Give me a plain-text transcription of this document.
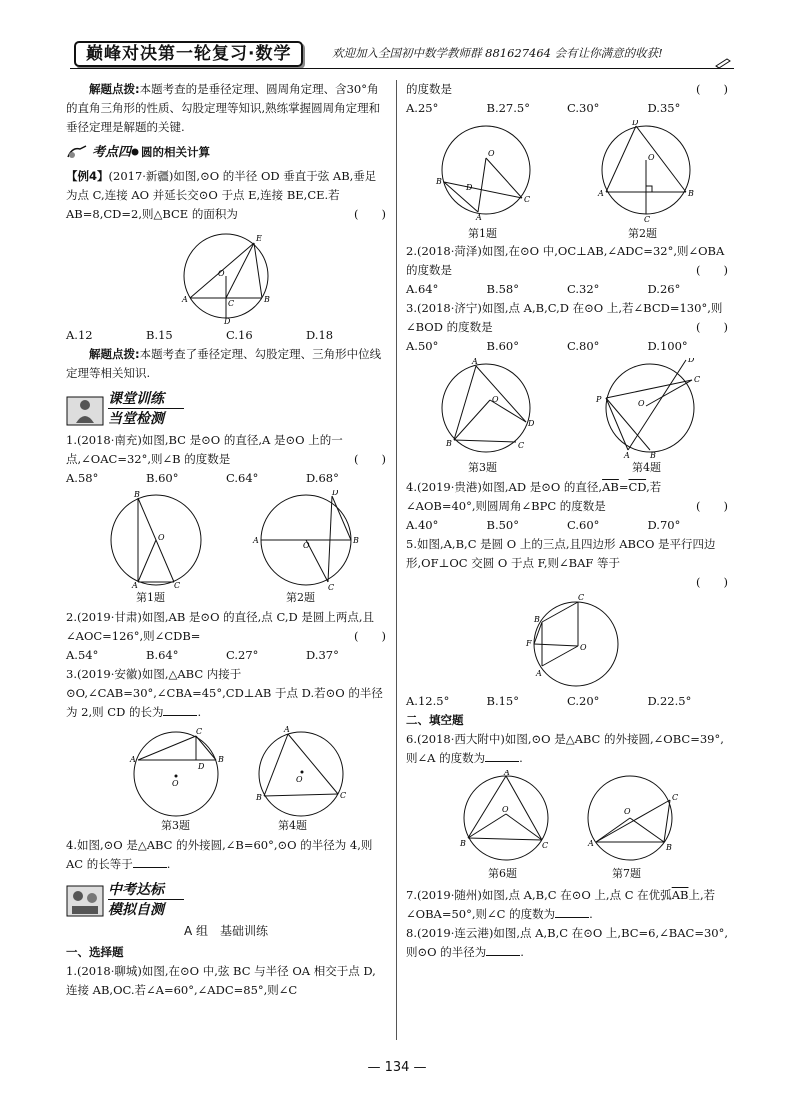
巅峰对决第一轮复习·数学	欢迎加入全国初中数学教师群 881627464 会有让你满意的收获!

解题点拨:本题考查的是垂径定理、圆周角定理、含30°角的直角三角形的性质、勾股定理等知识,熟练掌握圆周角定理和垂径定理是解题的关键.

考点四 圆的相关计算

【例4】(2017·新疆)如图,⊙O 的半径 OD 垂直于弦 AB,垂足为点 C,连接 AO 并延长交⊙O 于点 E,连接 BE,CE.若 AB=8,CD=2,则△BCE 的面积为	(　　)

A	B
C
D
E
O
A.12	B.15	C.16	D.18

解题点拨:本题考查了垂径定理、勾股定理、三角形中位线定理等相关知识.

课堂训练
当堂检测

1.(2018·南充)如图,BC 是⊙O 的直径,A 是⊙O 上的一点,∠OAC=32°,则∠B 的度数是	(　　)

A.58°	B.60°	C.64°	D.68°
B
O
A	C
A	B
O
C
D
第1题	第2题

2.(2019·甘肃)如图,AB 是⊙O 的直径,点 C,D 是圆上两点,且∠AOC=126°,则∠CDB=	(　　)

A.54°	B.64°	C.27°	D.37°

3.(2019·安徽)如图,△ABC 内接于⊙O,∠CAB=30°,∠CBA=45°,CD⊥AB 于点 D.若⊙O 的半径为 2,则 CD 的长为	.

A	B
C
D
O
A
B	C
O
第3题	第4题

4.如图,⊙O 是△ABC 的外接圆,∠B=60°,⊙O 的半径为 4,则 AC 的长等于	.

中考达标
模拟自测
A 组　基础训练

一、选择题

1.(2018·聊城)如图,在⊙O 中,弦 BC 与半径 OA 相交于点 D,连接 AB,OC.若∠A=60°,∠ADC=85°,则∠C

的度数是	(　　)

A.25°	B.27.5°	C.30°	D.35°
B
C
A
O
D
D
A	B
O
C
第1题	第2题

2.(2018·菏泽)如图,在⊙O 中,OC⊥AB,∠ADC=32°,则∠OBA 的度数是	(　　)

A.64°	B.58°	C.32°	D.26°

3.(2018·济宁)如图,点 A,B,C,D 在⊙O 上,若∠BCD=130°,则∠BOD 的度数是	(　　)

A.50°	B.60°	C.80°	D.100°
A
B	C
D
O
D
P
C
A	B
O
第3题	第4题

4.(2019·贵港)如图,AD 是⊙O 的直径$,\overline{AB}=\overline{CD}$,若∠AOB=40°,则圆周角∠BPC 的度数是	(　　)

A.40°	B.50°	C.60°	D.70°

5.如图,A,B,C 是圆 O 上的三点,且四边形 ABCO 是平行四边形,OF⊥OC 交圆 O 于点 F,则∠BAF 等于

(　　)

C
B
F
A
O
A.12.5°	B.15°	C.20°	D.22.5°

二、填空题

6.(2018·西大附中)如图,⊙O 是△ABC 的外接圆,∠OBC=39°,则∠A 的度数为	.

A
B	C
O
A	B
C
O
第6题	第7题

7.(2019·随州)如图,点 A,B,C 在⊙O 上,点 C 在优弧$\overline{AB}$上,若∠OBA=50°,则∠C 的度数为	.

8.(2019·连云港)如图,点 A,B,C 在⊙O 上,BC=6,∠BAC=30°,则⊙O 的半径为	.

— 134 —
